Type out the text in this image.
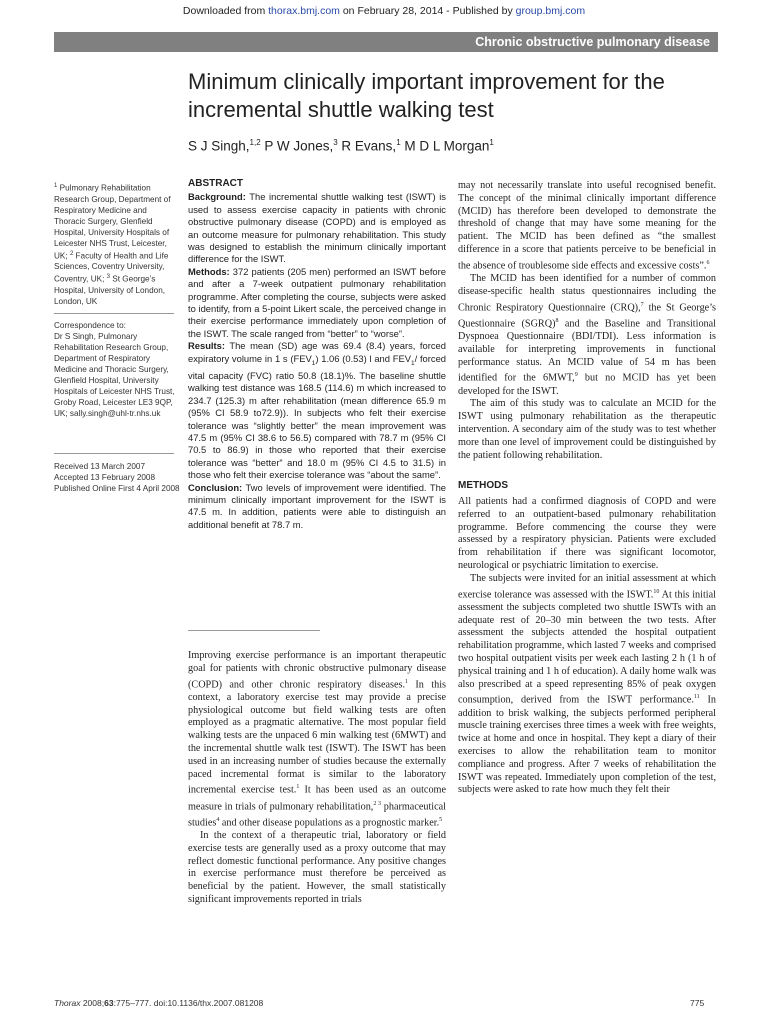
Downloaded from thorax.bmj.com on February 28, 2014 - Published by group.bmj.com
Chronic obstructive pulmonary disease
Minimum clinically important improvement for the incremental shuttle walking test
S J Singh,$^{1,2}$ P W Jones,$^3$ R Evans,$^1$ M D L Morgan$^1$
$^1$ Pulmonary Rehabilitation Research Group, Department of Respiratory Medicine and Thoracic Surgery, Glenfield Hospital, University Hospitals of Leicester NHS Trust, Leicester, UK; $^2$ Faculty of Health and Life Sciences, Coventry University, Coventry, UK; $^3$ St George’s Hospital, University of London, London, UK
Correspondence to:
Dr S Singh, Pulmonary Rehabilitation Research Group, Department of Respiratory Medicine and Thoracic Surgery, Glenfield Hospital, University Hospitals of Leicester NHS Trust, Groby Road, Leicester LE3 9QP, UK; sally.singh@uhl-tr.nhs.uk
Received 13 March 2007
Accepted 13 February 2008
Published Online First 4 April 2008
ABSTRACT

Background: The incremental shuttle walking test (ISWT) is used to assess exercise capacity in patients with chronic obstructive pulmonary disease (COPD) and is employed as an outcome measure for pulmonary rehabilitation. This study was designed to establish the minimum clinically important difference for the ISWT.

Methods: 372 patients (205 men) performed an ISWT before and after a 7-week outpatient pulmonary rehabilitation programme. After completing the course, subjects were asked to identify, from a 5-point Likert scale, the perceived change in their exercise performance immediately upon completion of the ISWT. The scale ranged from “better” to “worse”.

Results: The mean (SD) age was 69.4 (8.4) years, forced expiratory volume in 1 s $(FEV_1)$ 1.06 (0.53) l and $FEV_1/$ forced vital capacity (FVC) ratio 50.8 (18.1)%. The baseline shuttle walking test distance was 168.5 (114.6) m which increased to 234.7 (125.3) m after rehabilitation (mean difference 65.9 m (95% CI 58.9 to72.9)). In subjects who felt their exercise tolerance was “slightly better” the mean improvement was 47.5 m (95% CI 38.6 to 56.5) compared with 78.7 m (95% CI 70.5 to 86.9) in those who reported that their exercise tolerance was “better” and 18.0 m (95% CI 4.5 to 31.5) in those who felt their exercise tolerance was “about the same”.

Conclusion: Two levels of improvement were identified. The minimum clinically important improvement for the ISWT is 47.5 m. In addition, patients were able to distinguish an additional benefit at 78.7 m.

Improving exercise performance is an important therapeutic goal for patients with chronic obstructive pulmonary disease (COPD) and other chronic respiratory diseases.$^1$ In this context, a laboratory exercise test may provide a precise physiological outcome but field walking tests are often employed as a pragmatic alternative. The most popular field walking tests are the unpaced 6 min walking test (6MWT) and the incremental shuttle walk test (ISWT). The ISWT has been used in an increasing number of studies because the externally paced incremental format is similar to the laboratory incremental exercise test.$^1$ It has been used as an outcome measure in trials of pulmonary rehabilitation,$^{2 3}$ pharmaceutical studies$^4$ and other disease populations as a prognostic marker.$^5$

In the context of a therapeutic trial, laboratory or field exercise tests are generally used as a proxy outcome that may reflect domestic functional performance. Any positive changes in exercise performance must therefore be perceived as beneficial by the patient. However, the small statistically significant improvements reported in trials

may not necessarily translate into useful recognised benefit. The concept of the minimal clinically important difference (MCID) has therefore been developed to demonstrate the threshold of change that may have some meaning for the patient. The MCID has been defined as “the smallest difference in a score that patients perceive to be beneficial in the absence of troublesome side effects and excessive costs”.$^6$

The MCID has been identified for a number of common disease-specific health status questionnaires including the Chronic Respiratory Questionnaire (CRQ),$^7$ the St George’s Questionnaire (SGRQ)$^8$ and the Baseline and Transitional Dyspnoea Questionnaire (BDI/TDI). Less information is available for interpreting improvements in functional performance status. An MCID value of 54 m has been identified for the 6MWT,$^9$ but no MCID has yet been developed for the ISWT.

The aim of this study was to calculate an MCID for the ISWT using pulmonary rehabilitation as the therapeutic intervention. A secondary aim of the study was to test whether more than one level of improvement could be distinguished by the patient following rehabilitation.

METHODS

All patients had a confirmed diagnosis of COPD and were referred to an outpatient-based pulmonary rehabilitation programme. Before commencing the course they were assessed by a respiratory physician. Patients were excluded from rehabilitation if there was significant locomotor, neurological or psychiatric limitation to exercise.

The subjects were invited for an initial assessment at which exercise tolerance was assessed with the ISWT.$^{10}$ At this initial assessment the subjects completed two shuttle ISWTs with an adequate rest of 20–30 min between the two tests. After assessment the subjects attended the hospital outpatient rehabilitation programme, which lasted 7 weeks and comprised two hospital outpatient visits per week each lasting 2 h (1 h of physical training and 1 h of education). A daily home walk was also prescribed at a speed representing 85% of peak oxygen consumption, derived from the ISWT performance.$^{11}$ In addition to brisk walking, the subjects performed peripheral muscle training exercises three times a week with free weights, twice at home and once in hospital. They kept a diary of their exercises to allow the rehabilitation team to monitor compliance and progress. After 7 weeks of rehabilitation the ISWT was repeated. Immediately upon completion of the test, subjects were asked to rate how much they felt their

Thorax 2008;63:775–777. doi:10.1136/thx.2007.081208	775
